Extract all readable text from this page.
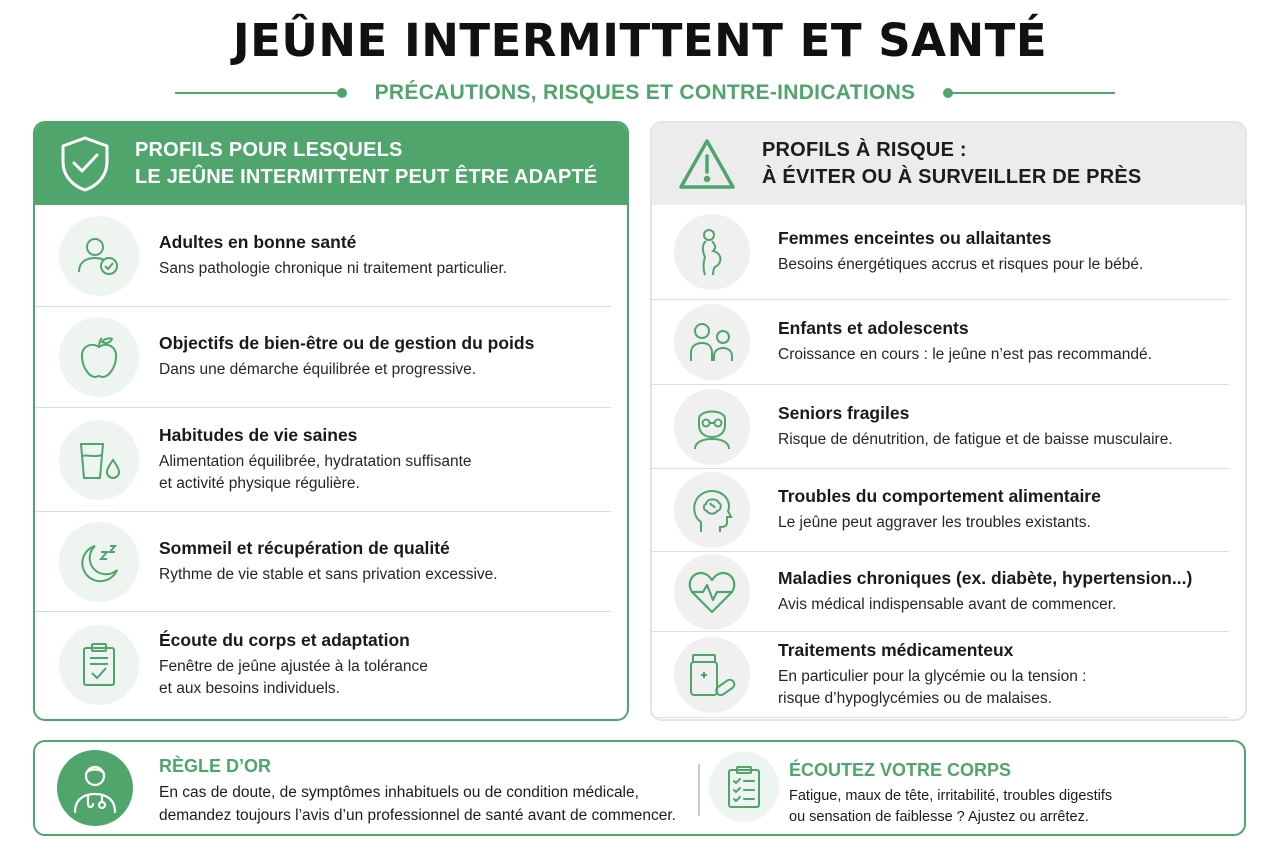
JEÛNE INTERMITTENT ET SANTÉ
PRÉCAUTIONS, RISQUES ET CONTRE-INDICATIONS
PROFILS POUR LESQUELS
LE JEÛNE INTERMITTENT PEUT ÊTRE ADAPTÉ
Adultes en bonne santé
Sans pathologie chronique ni traitement particulier.
Objectifs de bien-être ou de gestion du poids
Dans une démarche équilibrée et progressive.
Habitudes de vie saines
Alimentation équilibrée, hydratation suffisante
et activité physique régulière.
Sommeil et récupération de qualité
Rythme de vie stable et sans privation excessive.
Écoute du corps et adaptation
Fenêtre de jeûne ajustée à la tolérance
et aux besoins individuels.
PROFILS À RISQUE :
À ÉVITER OU À SURVEILLER DE PRÈS
Femmes enceintes ou allaitantes
Besoins énergétiques accrus et risques pour le bébé.
Enfants et adolescents
Croissance en cours : le jeûne n’est pas recommandé.
Seniors fragiles
Risque de dénutrition, de fatigue et de baisse musculaire.
Troubles du comportement alimentaire
Le jeûne peut aggraver les troubles existants.
Maladies chroniques (ex. diabète, hypertension...)
Avis médical indispensable avant de commencer.
Traitements médicamenteux
En particulier pour la glycémie ou la tension :
risque d’hypoglycémies ou de malaises.
RÈGLE D’OR
En cas de doute, de symptômes inhabituels ou de condition médicale,
demandez toujours l’avis d’un professionnel de santé avant de commencer.
ÉCOUTEZ VOTRE CORPS
Fatigue, maux de tête, irritabilité, troubles digestifs
ou sensation de faiblesse ? Ajustez ou arrêtez.
